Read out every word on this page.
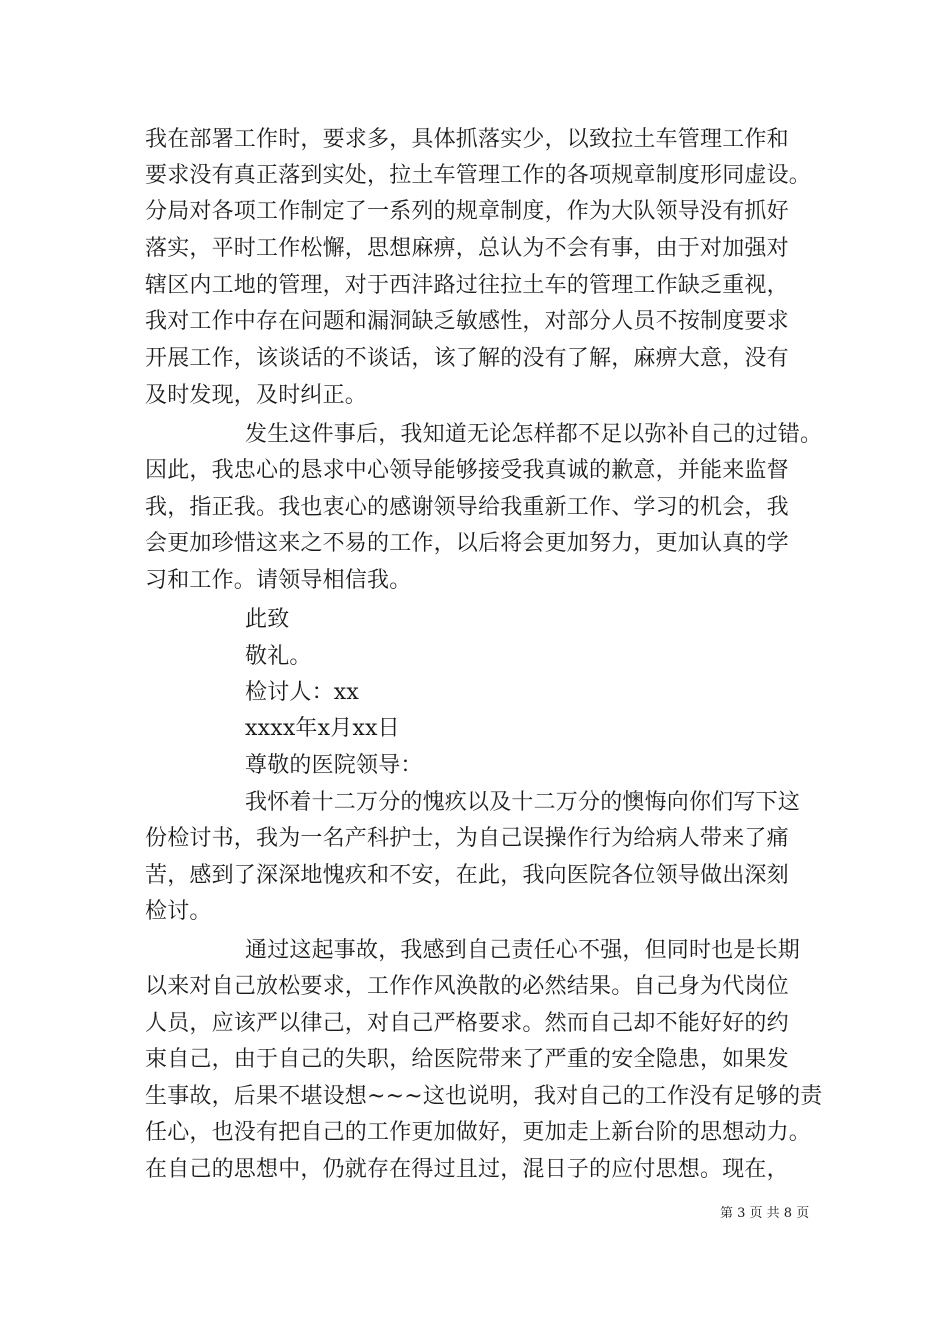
我在部署工作时，要求多，具体抓落实少，以致拉土车管理工作和
要求没有真正落到实处，拉土车管理工作的各项规章制度形同虚设。
分局对各项工作制定了一系列的规章制度，作为大队领导没有抓好
落实，平时工作松懈，思想麻痹，总认为不会有事，由于对加强对
辖区内工地的管理，对于西沣路过往拉土车的管理工作缺乏重视，
我对工作中存在问题和漏洞缺乏敏感性，对部分人员不按制度要求
开展工作，该谈话的不谈话，该了解的没有了解，麻痹大意，没有
及时发现，及时纠正。
发生这件事后，我知道无论怎样都不足以弥补自己的过错。
因此，我忠心的恳求中心领导能够接受我真诚的歉意，并能来监督
我，指正我。我也衷心的感谢领导给我重新工作、学习的机会，我
会更加珍惜这来之不易的工作，以后将会更加努力，更加认真的学
习和工作。请领导相信我。
此致
敬礼。
检讨人：xx
xxxx年x月xx日
尊敬的医院领导：
我怀着十二万分的愧疚以及十二万分的懊悔向你们写下这
份检讨书，我为一名产科护士，为自己误操作行为给病人带来了痛
苦，感到了深深地愧疚和不安，在此，我向医院各位领导做出深刻
检讨。
通过这起事故，我感到自己责任心不强，但同时也是长期
以来对自己放松要求，工作作风涣散的必然结果。自己身为代岗位
人员，应该严以律己，对自己严格要求。然而自己却不能好好的约
束自己，由于自己的失职，给医院带来了严重的安全隐患，如果发
生事故，后果不堪设想~~~这也说明，我对自己的工作没有足够的责
任心，也没有把自己的工作更加做好，更加走上新台阶的思想动力。
在自己的思想中，仍就存在得过且过，混日子的应付思想。现在，
第 3 页 共 8 页
